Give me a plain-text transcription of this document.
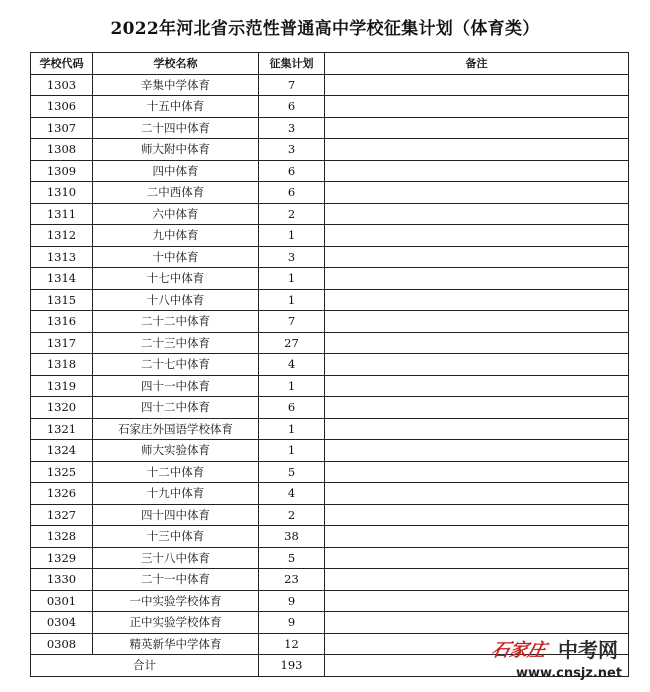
2022年河北省示范性普通高中学校征集计划（体育类）
学校代码	学校名称	征集计划	备注
1303	辛集中学体育	7	
1306	十五中体育	6	
1307	二十四中体育	3	
1308	师大附中体育	3	
1309	四中体育	6	
1310	二中西体育	6	
1311	六中体育	2	
1312	九中体育	1	
1313	十中体育	3	
1314	十七中体育	1	
1315	十八中体育	1	
1316	二十二中体育	7	
1317	二十三中体育	27	
1318	二十七中体育	4	
1319	四十一中体育	1	
1320	四十二中体育	6	
1321	石家庄外国语学校体育	1	
1324	师大实验体育	1	
1325	十二中体育	5	
1326	十九中体育	4	
1327	四十四中体育	2	
1328	十三中体育	38	
1329	三十八中体育	5	
1330	二十一中体育	23	
0301	一中实验学校体育	9	
0304	正中实验学校体育	9	
0308	精英新华中学体育	12	
合计		193	
石家庄 中考网
www.cnsjz.net
